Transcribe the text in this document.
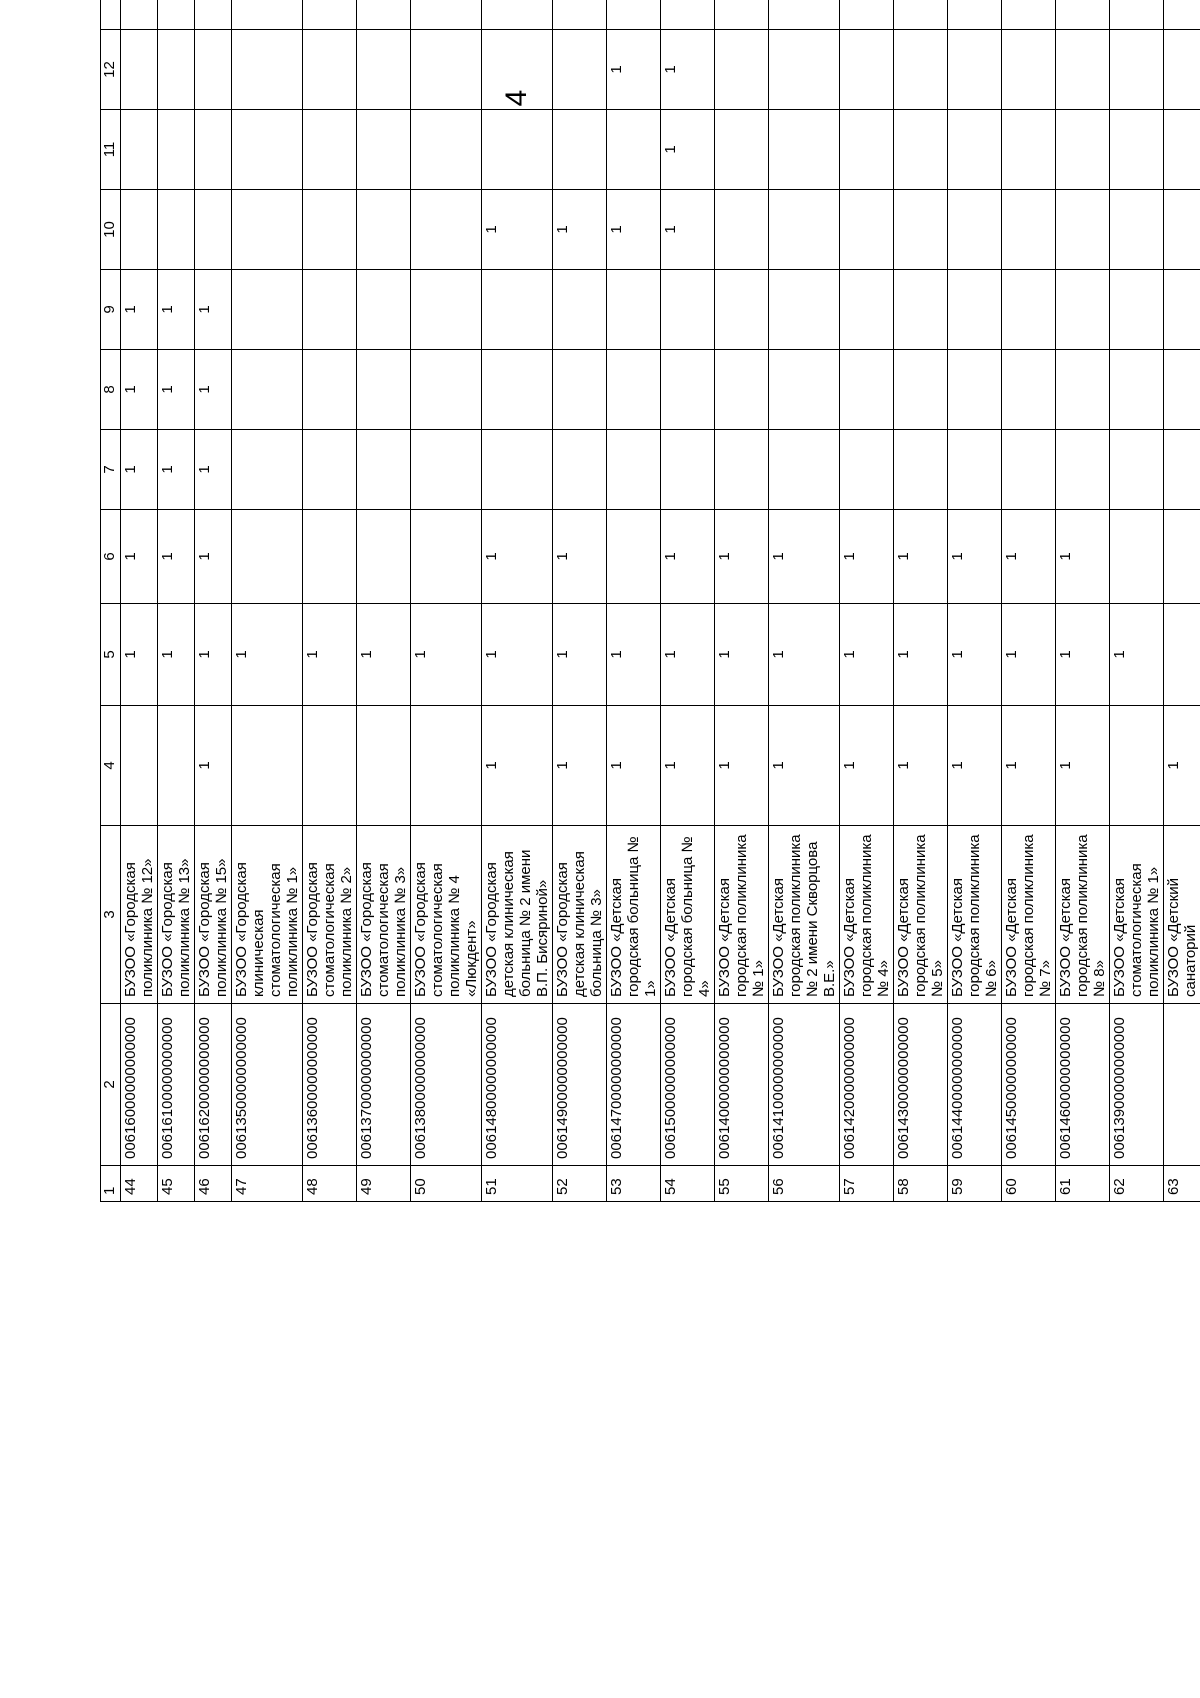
4
1	2	3	4	5	6	7	8	9	10	11	12	
44	00616000000000000	БУЗОО «Городская поликлиника № 12»		1	1	1	1	1				
45	00616100000000000	БУЗОО «Городская поликлиника № 13»		1	1	1	1	1				
46	00616200000000000	БУЗОО «Городская поликлиника № 15»	1	1	1	1	1	1				
47	00613500000000000	БУЗОО «Городская клиническая стоматологическая поликлиника № 1»		1								
48	00613600000000000	БУЗОО «Городская стоматологическая поликлиника № 2»		1								
49	00613700000000000	БУЗОО «Городская стоматологическая поликлиника № 3»		1								
50	00613800000000000	БУЗОО «Городская стоматологическая поликлиника № 4 «Люкдент»		1								
51	00614800000000000	БУЗОО «Городская детская клиническая больница № 2 имени В.П. Бисяриной»	1	1	1				1			
52	00614900000000000	БУЗОО «Городская детская клиническая больница № 3»	1	1	1				1			
53	00614700000000000	БУЗОО «Детская городская больница № 1»	1	1					1		1	
54	00615000000000000	БУЗОО «Детская городская больница № 4»	1	1	1				1	1	1	
55	00614000000000000	БУЗОО «Детская городская поликлиника № 1»	1	1	1							
56	00614100000000000	БУЗОО «Детская городская поликлиника № 2 имени Скворцова В.Е.»	1	1	1							
57	00614200000000000	БУЗОО «Детская городская поликлиника № 4»	1	1	1							
58	00614300000000000	БУЗОО «Детская городская поликлиника № 5»	1	1	1							
59	00614400000000000	БУЗОО «Детская городская поликлиника № 6»	1	1	1							
60	00614500000000000	БУЗОО «Детская городская поликлиника № 7»	1	1	1							
61	00614600000000000	БУЗОО «Детская городская поликлиника № 8»	1	1	1							
62	00613900000000000	БУЗОО «Детская стоматологическая поликлиника № 1»		1								
63		БУЗОО «Детский санаторий	1									
